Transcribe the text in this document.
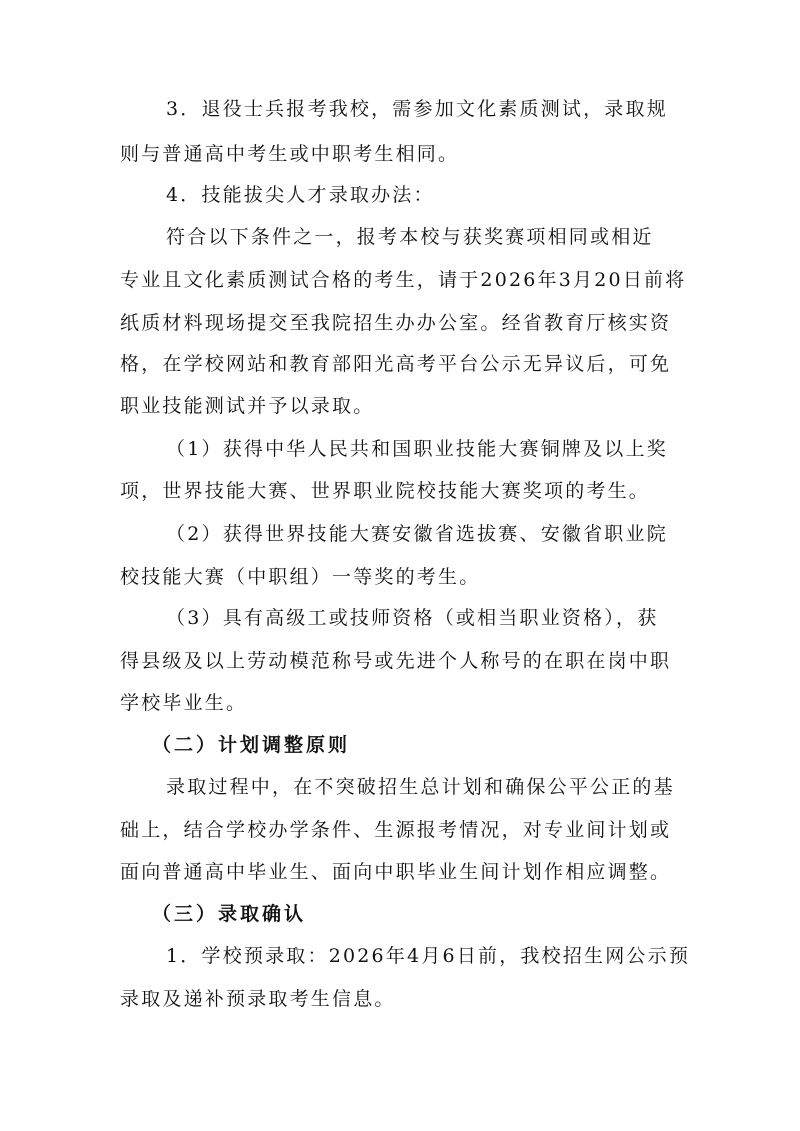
3．退役士兵报考我校，需参加文化素质测试，录取规
则与普通高中考生或中职考生相同。
4．技能拔尖人才录取办法：
符合以下条件之一，报考本校与获奖赛项相同或相近
专业且文化素质测试合格的考生，请于2026年3月20日前将
纸质材料现场提交至我院招生办办公室。经省教育厅核实资
格，在学校网站和教育部阳光高考平台公示无异议后，可免
职业技能测试并予以录取。
（1）获得中华人民共和国职业技能大赛铜牌及以上奖
项，世界技能大赛、世界职业院校技能大赛奖项的考生。
（2）获得世界技能大赛安徽省选拔赛、安徽省职业院
校技能大赛（中职组）一等奖的考生。
（3）具有高级工或技师资格（或相当职业资格），获
得县级及以上劳动模范称号或先进个人称号的在职在岗中职
学校毕业生。
（二）计划调整原则
录取过程中，在不突破招生总计划和确保公平公正的基
础上，结合学校办学条件、生源报考情况，对专业间计划或
面向普通高中毕业生、面向中职毕业生间计划作相应调整。
（三）录取确认
1．学校预录取：2026年4月6日前，我校招生网公示预
录取及递补预录取考生信息。
